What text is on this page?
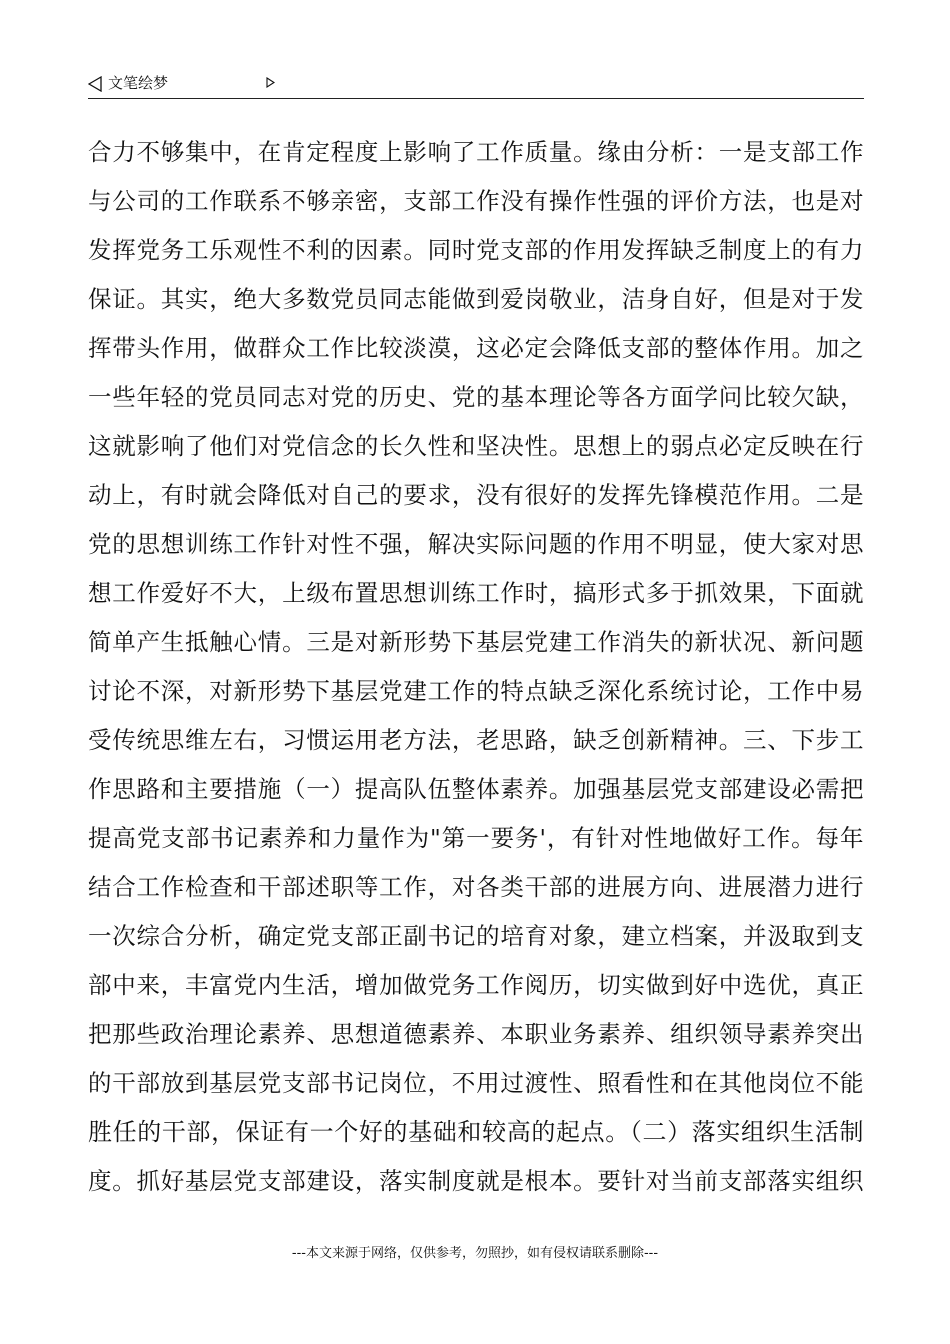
文笔绘梦
合力不够集中，在肯定程度上影响了工作质量。缘由分析：一是支部工作
与公司的工作联系不够亲密，支部工作没有操作性强的评价方法，也是对
发挥党务工乐观性不利的因素。同时党支部的作用发挥缺乏制度上的有力
保证。其实，绝大多数党员同志能做到爱岗敬业，洁身自好，但是对于发
挥带头作用，做群众工作比较淡漠，这必定会降低支部的整体作用。加之
一些年轻的党员同志对党的历史、党的基本理论等各方面学问比较欠缺，
这就影响了他们对党信念的长久性和坚决性。思想上的弱点必定反映在行
动上，有时就会降低对自己的要求，没有很好的发挥先锋模范作用。二是
党的思想训练工作针对性不强，解决实际问题的作用不明显，使大家对思
想工作爱好不大，上级布置思想训练工作时，搞形式多于抓效果，下面就
简单产生抵触心情。三是对新形势下基层党建工作消失的新状况、新问题
讨论不深，对新形势下基层党建工作的特点缺乏深化系统讨论，工作中易
受传统思维左右，习惯运用老方法，老思路，缺乏创新精神。三、下步工
作思路和主要措施（一）提高队伍整体素养。加强基层党支部建设必需把
提高党支部书记素养和力量作为"第一要务'，有针对性地做好工作。每年
结合工作检查和干部述职等工作，对各类干部的进展方向、进展潜力进行
一次综合分析，确定党支部正副书记的培育对象，建立档案，并汲取到支
部中来，丰富党内生活，增加做党务工作阅历，切实做到好中选优，真正
把那些政治理论素养、思想道德素养、本职业务素养、组织领导素养突出
的干部放到基层党支部书记岗位，不用过渡性、照看性和在其他岗位不能
胜任的干部，保证有一个好的基础和较高的起点。（二）落实组织生活制
度。抓好基层党支部建设，落实制度就是根本。要针对当前支部落实组织
---本文来源于网络，仅供参考，勿照抄，如有侵权请联系删除---
